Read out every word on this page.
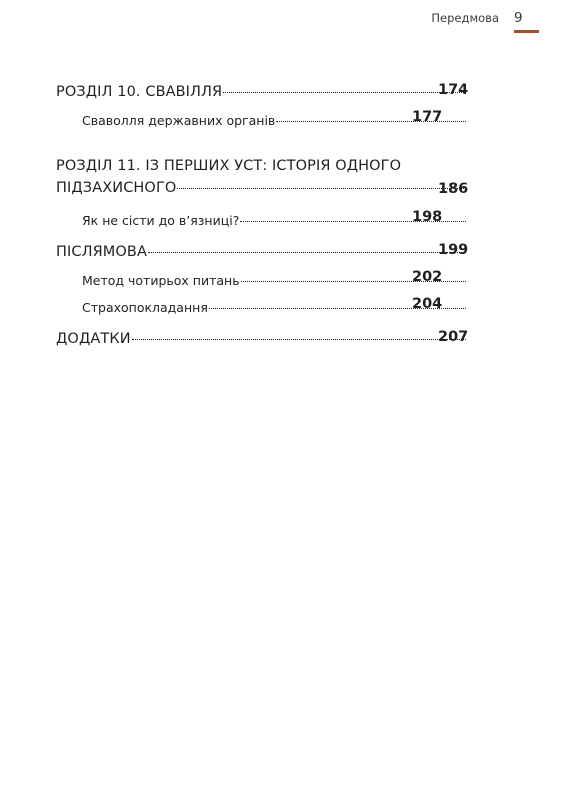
Передмова 9
РОЗДІЛ 10. СВАВІЛЛЯ	174
Сваволля державних органів	177
РОЗДІЛ 11. ІЗ ПЕРШИХ УСТ: ІСТОРІЯ ОДНОГО
ПІДЗАХИСНОГО	186
Як не сісти до в’язниці?	198
ПІСЛЯМОВА	199
Метод чотирьох питань	202
Страхопокладання	204
ДОДАТКИ	207
